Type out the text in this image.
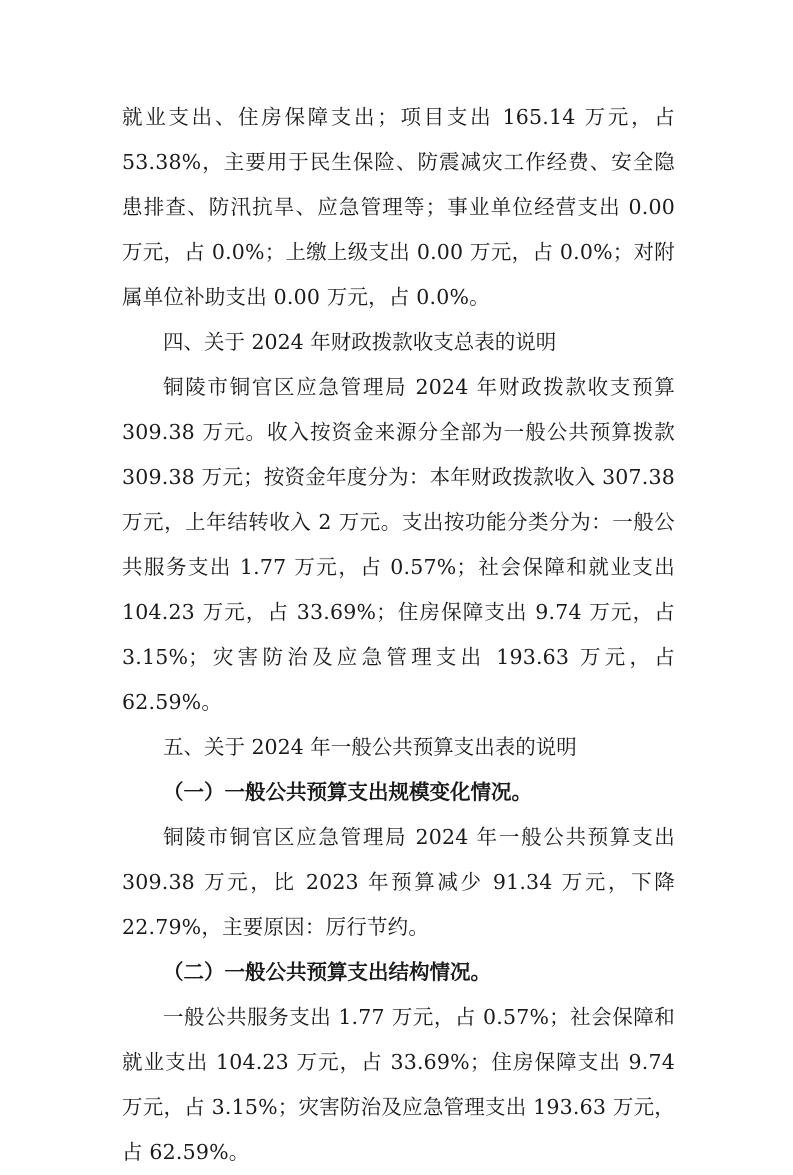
就业支出、住房保障支出；项目支出 165.14 万元，占 53.38%，主要用于民生保险、防震减灾工作经费、安全隐患排查、防汛抗旱、应急管理等；事业单位经营支出 0.00 万元，占 0.0%；上缴上级支出 0.00 万元，占 0.0%；对附属单位补助支出 0.00 万元，占 0.0%。

四、关于 2024 年财政拨款收支总表的说明

铜陵市铜官区应急管理局 2024 年财政拨款收支预算 309.38 万元。收入按资金来源分全部为一般公共预算拨款 309.38 万元；按资金年度分为：本年财政拨款收入 307.38 万元，上年结转收入 2 万元。支出按功能分类分为：一般公共服务支出 1.77 万元，占 0.57%；社会保障和就业支出 104.23 万元，占 33.69%；住房保障支出 9.74 万元，占 3.15%；灾害防治及应急管理支出 193.63 万元，占 62.59%。

五、关于 2024 年一般公共预算支出表的说明

（一）一般公共预算支出规模变化情况。

铜陵市铜官区应急管理局 2024 年一般公共预算支出 309.38 万元，比 2023 年预算减少 91.34 万元，下降 22.79%，主要原因：厉行节约。

（二）一般公共预算支出结构情况。

一般公共服务支出 1.77 万元，占 0.57%；社会保障和就业支出 104.23 万元，占 33.69%；住房保障支出 9.74 万元，占 3.15%；灾害防治及应急管理支出 193.63 万元，占 62.59%。
